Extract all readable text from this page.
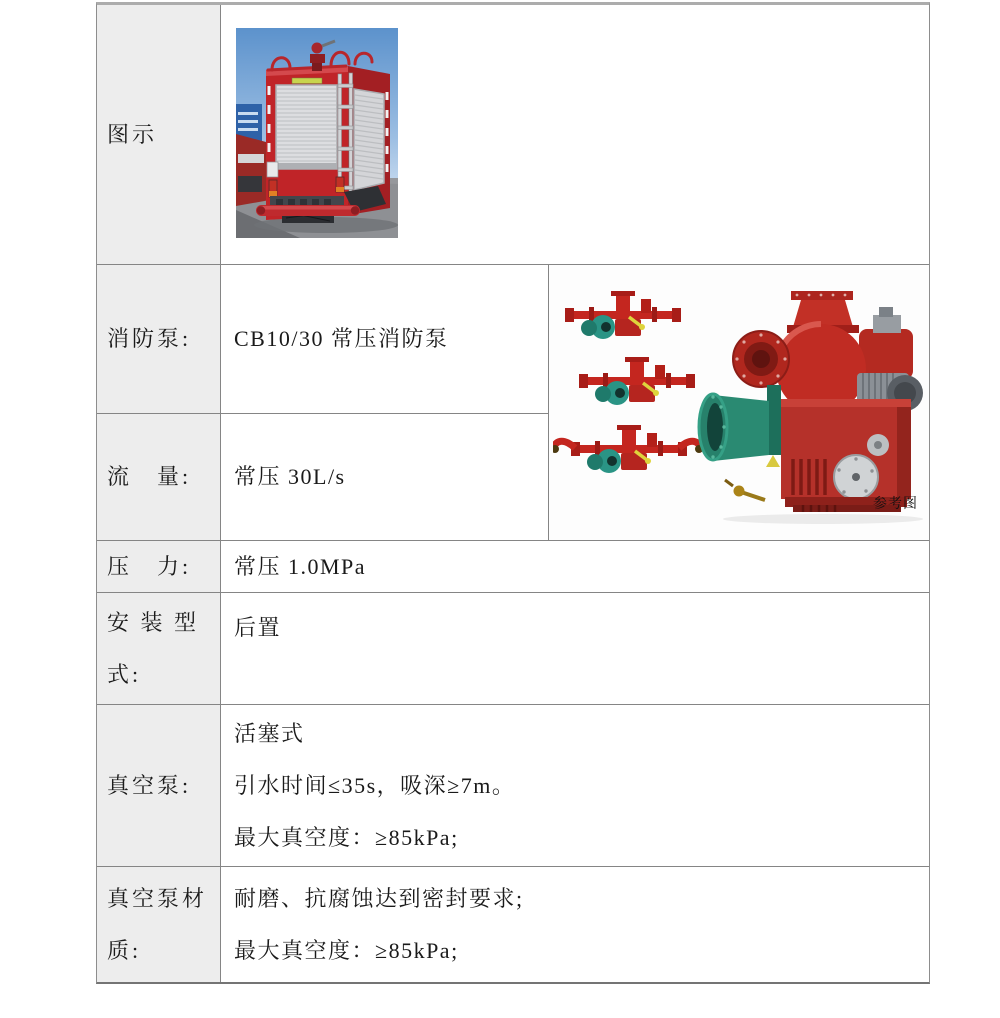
图示
消防泵: CB10/30 常压消防泵
参考图
流　量: 常压 30L/s
压　力: 常压 1.0MPa
安 装 型 式:
后置
真空泵:
活塞式
引水时间≤35s，吸深≥7m。
最大真空度：≥85kPa;
真空泵材质:
耐磨、抗腐蚀达到密封要求;
最大真空度：≥85kPa;
